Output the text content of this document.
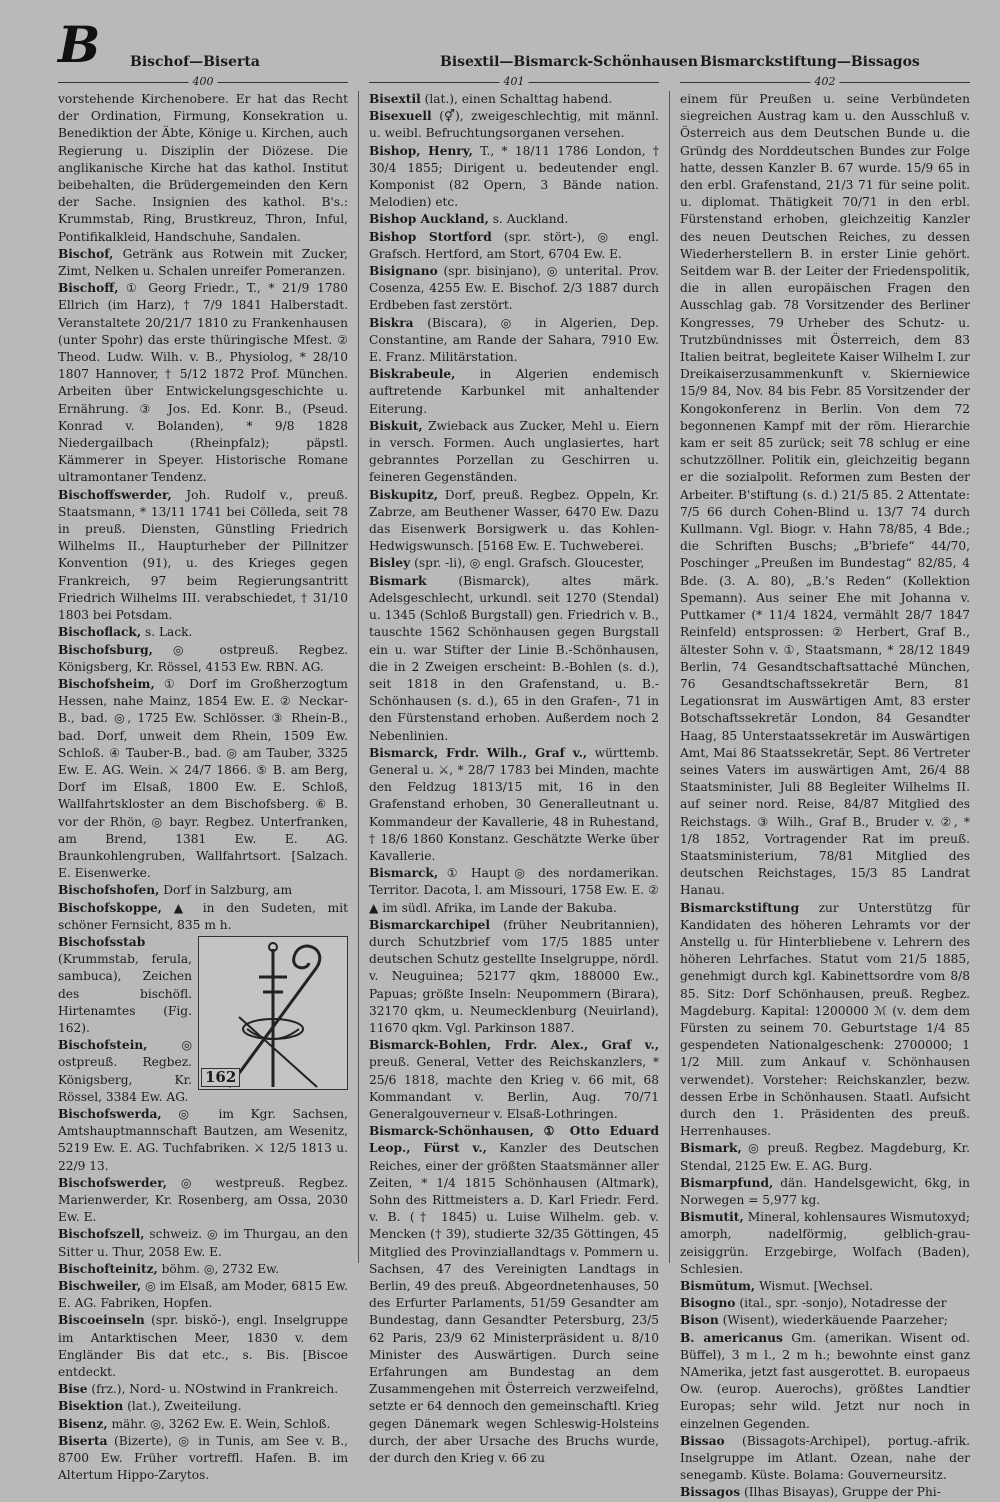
B Bischof—Biserta	Bisextil—Bismarck-Schönhausen Bismarckstiftung—Bissagos
400	401	402

vorstehende Kirchenobere. Er hat das Recht der Ordination, Firmung, Konsekration u. Benediktion der Äbte, Könige u. Kirchen, auch Regierung u. Disziplin der Diözese. Die anglikanische Kirche hat das kathol. Institut beibehalten, die Brüdergemeinden den Kern der Sache. Insignien des kathol. B's.: Krummstab, Ring, Brustkreuz, Thron, Inful, Pontifikalkleid, Handschuhe, Sandalen.

Bischof, Getränk aus Rotwein mit Zucker, Zimt, Nelken u. Schalen unreifer Pomeranzen.

Bischoff, ① Georg Friedr., T., * 21/9 1780 Ellrich (im Harz), † 7/9 1841 Halberstadt. Veranstaltete 20/21/7 1810 zu Frankenhausen (unter Spohr) das erste thüringische Mfest. ② Theod. Ludw. Wilh. v. B., Physiolog, * 28/10 1807 Hannover, † 5/12 1872 Prof. München. Arbeiten über Entwickelungsgeschichte u. Ernährung. ③ Jos. Ed. Konr. B., (Pseud. Konrad v. Bolanden), * 9/8 1828 Niedergailbach (Rheinpfalz); päpstl. Kämmerer in Speyer. Historische Romane ultramontaner Tendenz.

Bischoffswerder, Joh. Rudolf v., preuß. Staatsmann, * 13/11 1741 bei Cölleda, seit 78 in preuß. Diensten, Günstling Friedrich Wilhelms II., Haupturheber der Pillnitzer Konvention (91), u. des Krieges gegen Frankreich, 97 beim Regierungsantritt Friedrich Wilhelms III. verabschiedet, † 31/10 1803 bei Potsdam.

Bischoflack, s. Lack.

Bischofsburg, ◎ ostpreuß. Regbez. Königsberg, Kr. Rössel, 4153 Ew. RBN. AG.

Bischofsheim, ① Dorf im Großherzogtum Hessen, nahe Mainz, 1854 Ew. E. ② Neckar-B., bad. ◎, 1725 Ew. Schlösser. ③ Rhein-B., bad. Dorf, unweit dem Rhein, 1509 Ew. Schloß. ④ Tauber-B., bad. ◎ am Tauber, 3325 Ew. E. AG. Wein. ⚔ 24/7 1866. ⑤ B. am Berg, Dorf im Elsaß, 1800 Ew. E. Schloß, Wallfahrtskloster an dem Bischofsberg. ⑥ B. vor der Rhön, ◎ bayr. Regbez. Unterfranken, am Brend, 1381 Ew. E. AG. Braunkohlengruben, Wallfahrtsort. [Salzach. E. Eisenwerke.

Bischofshofen, Dorf in Salzburg, am

Bischofskoppe, ▲ in den Sudeten, mit schöner Fernsicht, 835 m h.

162

Bischofsstab (Krummstab, ferula, sambuca), Zeichen des bischöfl. Hirtenamtes (Fig. 162).

Bischofstein,	◎ ostpreuß. Regbez. Königsberg, Kr. Rössel, 3384 Ew. AG.

Bischofswerda, ◎ im Kgr. Sachsen, Amtshauptmannschaft Bautzen, am Wesenitz, 5219 Ew. E. AG. Tuchfabriken. ⚔ 12/5 1813 u. 22/9 13.

Bischofswerder, ◎ westpreuß. Regbez. Marienwerder, Kr. Rosenberg, am Ossa, 2030 Ew. E.

Bischofszell, schweiz. ◎ im Thurgau, an den Sitter u. Thur, 2058 Ew. E.

Bischofteinitz, böhm. ◎, 2732 Ew.

Bischweiler, ◎ im Elsaß, am Moder, 6815 Ew. E. AG. Fabriken, Hopfen.

Biscoeinseln (spr. biskŏ-), engl. Inselgruppe im Antarktischen Meer, 1830 v. dem Engländer Bis dat etc., s. Bis. [Biscoe entdeckt.

Bise (frz.), Nord- u. NOstwind in Frankreich.

Bisektion (lat.), Zweiteilung.

Bisenz, mähr. ◎, 3262 Ew. E. Wein, Schloß.

Biserta (Bizerte), ◎ in Tunis, am See v. B., 8700 Ew. Früher vortreffl. Hafen. B. im Altertum Hippo-Zarytos.

Bisextil (lat.), einen Schalttag habend.

Bisexuell (⚥), zweigeschlechtig, mit männl. u. weibl. Befruchtungsorganen versehen.

Bishop, Henry, T., * 18/11 1786 London, † 30/4 1855; Dirigent u. bedeutender engl. Komponist (82 Opern, 3 Bände nation. Melodien) etc.

Bishop Auckland, s. Auckland.

Bishop Stortford (spr. stört-), ◎ engl. Grafsch. Hertford, am Stort, 6704 Ew. E.

Bisignano (spr. bisinjano), ◎ unterital. Prov. Cosenza, 4255 Ew. E. Bischof. 2/3 1887 durch Erdbeben fast zerstört.

Biskra (Biscara), ◎ in Algerien, Dep. Constantine, am Rande der Sahara, 7910 Ew. E. Franz. Militärstation.

Biskrabeule, in Algerien endemisch auftretende Karbunkel mit anhaltender Eiterung.

Biskuit, Zwieback aus Zucker, Mehl u. Eiern in versch. Formen. Auch unglasiertes, hart gebranntes Porzellan zu Geschirren u. feineren Gegenständen.

Biskupitz, Dorf, preuß. Regbez. Oppeln, Kr. Zabrze, am Beuthener Wasser, 6470 Ew. Dazu das Eisenwerk Borsigwerk u. das Kohlen-Hedwigswunsch. [5168 Ew. E. Tuchweberei.

Bisley (spr. -li), ◎ engl. Grafsch. Gloucester,

Bismark	(Bismarck), altes märk. Adelsgeschlecht, urkundl. seit 1270 (Stendal) u. 1345 (Schloß Burgstall) gen. Friedrich v. B., tauschte 1562 Schönhausen gegen Burgstall ein u. war Stifter der Linie B.-Schönhausen, die in 2 Zweigen erscheint: B.-Bohlen (s. d.), seit 1818 in den Grafenstand, u. B.-Schönhausen (s. d.), 65 in den Grafen-, 71 in den Fürstenstand erhoben. Außerdem noch 2 Nebenlinien.

Bismarck, Frdr. Wilh., Graf v., württemb. General u. ⚔, * 28/7 1783 bei Minden, machte den Feldzug 1813/15 mit, 16 in den Grafenstand erhoben, 30 Generalleutnant u. Kommandeur der Kavallerie, 48 in Ruhestand, † 18/6 1860 Konstanz. Geschätzte Werke über Kavallerie.

Bismarck, ① Haupt◎ des nordamerikan. Territor. Dacota, l. am Missouri, 1758 Ew. E. ② ▲ im südl. Afrika, im Lande der Bakuba.

Bismarckarchipel (früher Neubritannien), durch Schutzbrief vom 17/5 1885 unter deutschen Schutz gestellte Inselgruppe, nördl. v. Neuguinea; 52177 qkm, 188000 Ew., Papuas; größte Inseln: Neupommern (Birara), 32170 qkm, u. Neumecklenburg (Neuirland), 11670 qkm. Vgl. Parkinson 1887.

Bismarck-Bohlen, Frdr. Alex., Graf v., preuß. General, Vetter des Reichskanzlers, * 25/6 1818, machte den Krieg v. 66 mit, 68 Kommandant v. Berlin, Aug. 70/71 Generalgouverneur v. Elsaß-Lothringen.

Bismarck-Schönhausen, ① Otto Eduard Leop., Fürst v., Kanzler des Deutschen Reiches, einer der größten Staatsmänner aller Zeiten, * 1/4 1815 Schönhausen (Altmark), Sohn des Rittmeisters a. D. Karl Friedr. Ferd. v. B. († 1845) u. Luise Wilhelm. geb. v. Mencken († 39), studierte 32/35 Göttingen, 45 Mitglied des Provinziallandtags v. Pommern u. Sachsen, 47 des Vereinigten Landtags in Berlin, 49 des preuß. Abgeordnetenhauses, 50 des Erfurter Parlaments, 51/59 Gesandter am Bundestag, dann Gesandter Petersburg, 23/5 62 Paris, 23/9 62 Ministerpräsident u. 8/10 Minister des Auswärtigen. Durch seine Erfahrungen am Bundestag an dem Zusammengehen mit Österreich verzweifelnd, setzte er 64 dennoch den gemeinschaftl. Krieg gegen Dänemark wegen Schleswig-Holsteins durch, der aber Ursache des Bruchs wurde, der durch den Krieg v. 66 zu

einem für Preußen u. seine Verbündeten siegreichen Austrag kam u. den Ausschluß v. Österreich aus dem Deutschen Bunde u. die Gründg des Norddeutschen Bundes zur Folge hatte, dessen Kanzler B. 67 wurde. 15/9 65 in den erbl. Grafenstand, 21/3 71 für seine polit. u. diplomat. Thätigkeit 70/71 in den erbl. Fürstenstand erhoben, gleichzeitig Kanzler des neuen Deutschen Reiches, zu dessen Wiederherstellern B. in erster Linie gehört. Seitdem war B. der Leiter der Friedenspolitik, die in allen europäischen Fragen den Ausschlag gab. 78 Vorsitzender des Berliner Kongresses, 79 Urheber des Schutz- u. Trutzbündnisses mit Österreich, dem 83 Italien beitrat, begleitete Kaiser Wilhelm I. zur Dreikaiserzusammenkunft v. Skierniewice 15/9 84, Nov. 84 bis Febr. 85 Vorsitzender der Kongokonferenz in Berlin. Von dem 72 begonnenen Kampf mit der röm. Hierarchie kam er seit 85 zurück; seit 78 schlug er eine schutzzöllner. Politik ein, gleichzeitig begann er die sozialpolit. Reformen zum Besten der Arbeiter. B'stiftung (s. d.) 21/5 85. 2 Attentate: 7/5 66 durch Cohen-Blind u. 13/7 74 durch Kullmann. Vgl. Biogr. v. Hahn 78/85, 4 Bde.; die Schriften Buschs; „B'briefe“ 44/70, Poschinger „Preußen im Bundestag“ 82/85, 4 Bde. (3. A. 80), „B.'s Reden“ (Kollektion Spemann). Aus seiner Ehe mit Johanna v. Puttkamer (* 11/4 1824, vermählt 28/7 1847 Reinfeld) entsprossen: ② Herbert, Graf B., ältester Sohn v. ①, Staatsmann, * 28/12 1849 Berlin, 74 Gesandtschaftsattaché München, 76 Gesandtschaftssekretär Bern, 81 Legationsrat im Auswärtigen Amt, 83 erster Botschaftssekretär London, 84 Gesandter Haag, 85 Unterstaatssekretär im Auswärtigen Amt, Mai 86 Staatssekretär, Sept. 86 Vertreter seines Vaters im auswärtigen Amt, 26/4 88 Staatsminister, Juli 88 Begleiter Wilhelms II. auf seiner nord. Reise, 84/87 Mitglied des Reichstags. ③ Wilh., Graf B., Bruder v. ②, * 1/8 1852, Vortragender Rat im preuß. Staatsministerium, 78/81 Mitglied des deutschen Reichstages, 15/3 85 Landrat Hanau.

Bismarckstiftung zur Unterstützg für Kandidaten des höheren Lehramts vor der Anstellg u. für Hinterbliebene v. Lehrern des höheren Lehrfaches. Statut vom 21/5 1885, genehmigt durch kgl. Kabinettsordre vom 8/8 85. Sitz: Dorf Schönhausen, preuß. Regbez. Magdeburg. Kapital: 1200000 ℳ (v. dem dem Fürsten zu seinem 70. Geburtstage 1/4 85 gespendeten Nationalgeschenk: 2700000; 1 1/2 Mill. zum Ankauf v. Schönhausen verwendet). Vorsteher: Reichskanzler, bezw. dessen Erbe in Schönhausen. Staatl. Aufsicht durch den 1. Präsidenten des preuß. Herrenhauses.

Bismark, ◎ preuß. Regbez. Magdeburg, Kr. Stendal, 2125 Ew. E. AG. Burg.

Bismarpfund, dän. Handelsgewicht, 6kg, in Norwegen = 5,977 kg.

Bismutit, Mineral, kohlensaures Wismutoxyd; amorph, nadelförmig, gelblich-grau-zeisiggrün. Erzgebirge, Wolfach (Baden), Schlesien.

Bismŭtum, Wismut. [Wechsel.

Bisogno (ital., spr. -sonjo), Notadresse der

Bison (Wisent), wiederkäuende Paarzeher;

B. americanus Gm. (amerikan. Wisent od. Büffel), 3 m l., 2 m h.; bewohnte einst ganz NAmerika, jetzt fast ausgerottet. B. europaeus Ow. (europ. Auerochs), größtes Landtier Europas; sehr wild. Jetzt nur noch in einzelnen Gegenden.

Bissao (Bissagots-Archipel), portug.-afrik. Inselgruppe im Atlant. Ozean, nahe der senegamb. Küste. Bolama: Gouverneursitz.

Bissagos (Ilhas Bisayas), Gruppe der Phi-
